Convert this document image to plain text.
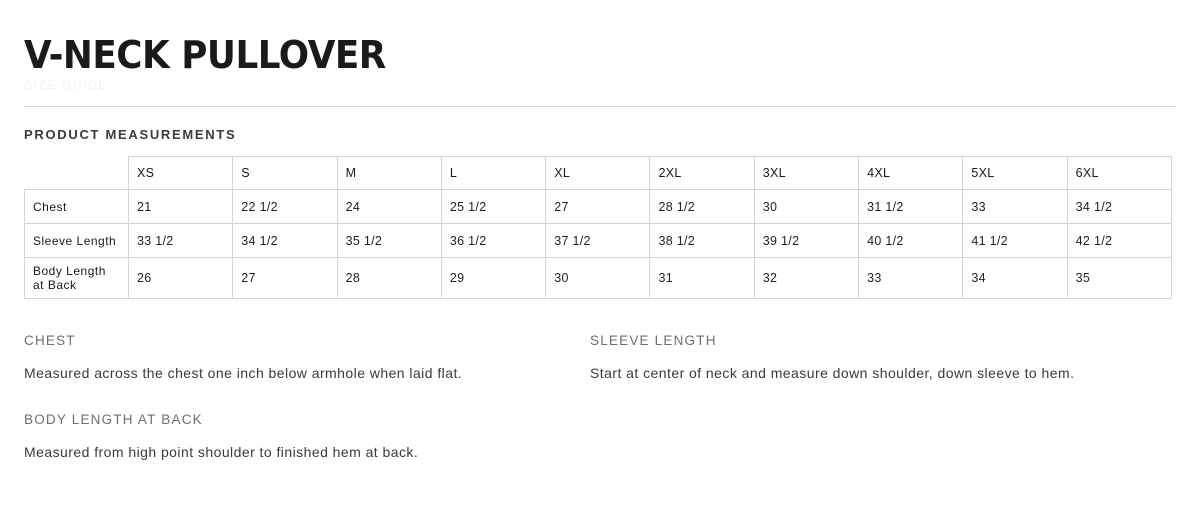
V-NECK PULLOVER
SIZE GUIDE
PRODUCT MEASUREMENTS
	XS	S	M	L	XL	2XL	3XL	4XL	5XL	6XL
Chest	21	22 1/2	24	25 1/2	27	28 1/2	30	31 1/2	33	34 1/2
Sleeve Length	33 1/2	34 1/2	35 1/2	36 1/2	37 1/2	38 1/2	39 1/2	40 1/2	41 1/2	42 1/2
Body Length at Back	26	27	28	29	30	31	32	33	34	35
CHEST
Measured across the chest one inch below armhole when laid flat.
SLEEVE LENGTH
Start at center of neck and measure down shoulder, down sleeve to hem.
BODY LENGTH AT BACK
Measured from high point shoulder to finished hem at back.
